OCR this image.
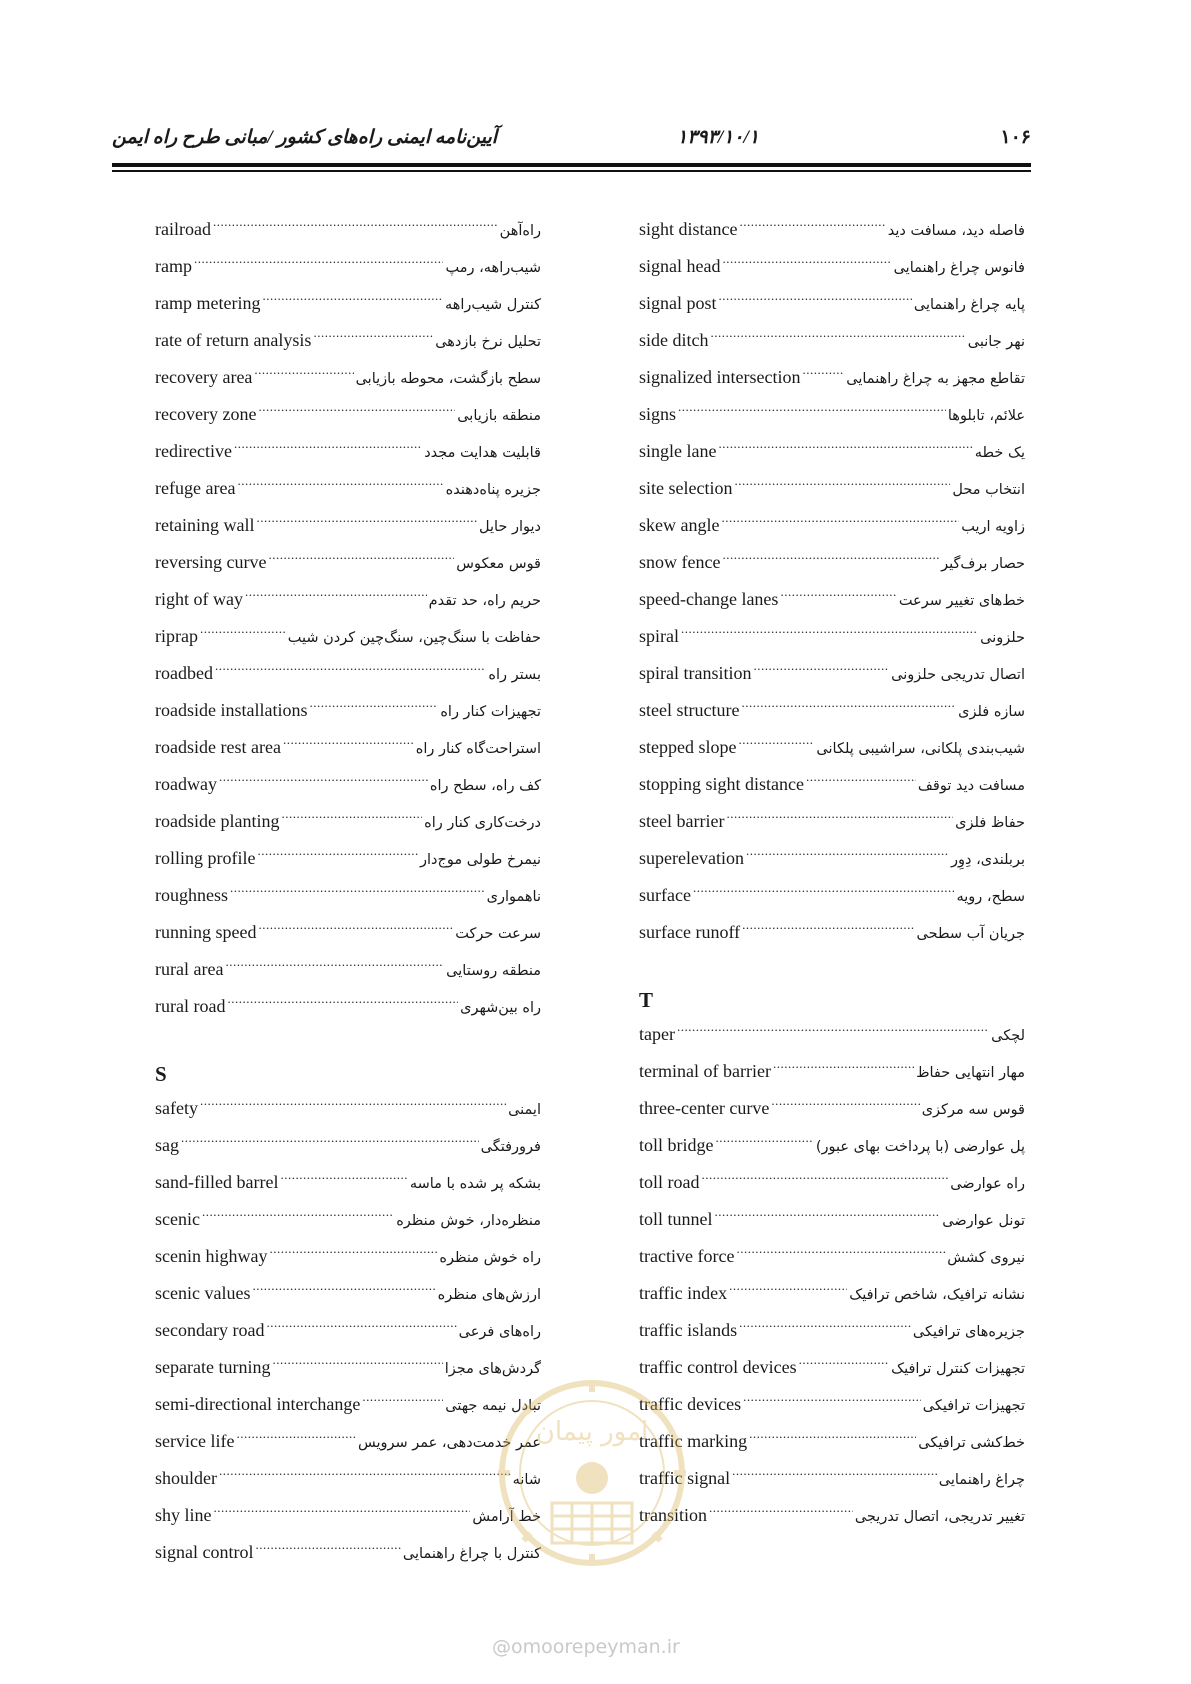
آیین‌نامه ایمنی راه‌های کشور /مبانی طرح راه ایمن	۱۳۹۳/۱۰/۱	۱۰۶
railroad .....	راه‌آهن
ramp .....	شیب‌راهه، رمپ
ramp metering .....	کنترل شیب‌راهه
rate of return analysis .....	تحلیل نرخ بازدهی
recovery area .....	سطح بازگشت، محوطه بازیابی
recovery zone .....	منطقه بازیابی
redirective .....	قابلیت هدایت مجدد
refuge area .....	جزیره پناه‌دهنده
retaining wall .....	دیوار حایل
reversing curve .....	قوس معکوس
right of way .....	حریم راه، حد تقدم
riprap .....	حفاظت با سنگ‌چین، سنگ‌چین کردن شیب
roadbed .....	بستر راه
roadside installations .....	تجهیزات کنار راه
roadside rest area .....	استراحت‌گاه کنار راه
roadway .....	کف راه، سطح راه
roadside planting .....	درخت‌کاری کنار راه
rolling profile .....	نیمرخ طولی موج‌دار
roughness .....	ناهمواری
running speed .....	سرعت حرکت
rural area .....	منطقه روستایی
rural road .....	راه بین‌شهری
S
safety .....	ایمنی
sag .....	فرورفتگی
sand-filled barrel .....	بشکه پر شده با ماسه
scenic .....	منظره‌دار، خوش منظره
scenin highway .....	راه خوش منظره
scenic values .....	ارزش‌های منظره
secondary road .....	راه‌های فرعی
separate turning .....	گردش‌های مجزا
semi-directional interchange .....	تبادل نیمه جهتی
service life .....	عمر خدمت‌دهی، عمر سرویس
shoulder .....	شانه
shy line .....	خط آرامش
signal control .....	کنترل با چراغ راهنمایی
sight distance .....	فاصله دید، مسافت دید
signal head .....	فانوس چراغ راهنمایی
signal post .....	پایه چراغ راهنمایی
side ditch .....	نهر جانبی
signalized intersection .....	تقاطع مجهز به چراغ راهنمایی
signs .....	علائم، تابلوها
single lane .....	یک خطه
site selection .....	انتخاب محل
skew angle .....	زاویه اریب
snow fence .....	حصار برف‌گیر
speed-change lanes .....	خط‌های تغییر سرعت
spiral .....	حلزونی
spiral transition .....	اتصال تدریجی حلزونی
steel structure .....	سازه فلزی
stepped slope .....	شیب‌بندی پلکانی، سراشیبی پلکانی
stopping sight distance .....	مسافت دید توقف
steel barrier .....	حفاظ فلزی
superelevation .....	بربلندی، دِوِر
surface .....	سطح، رویه
surface runoff .....	جریان آب سطحی
T
taper .....	لچکی
terminal of barrier .....	مهار انتهایی حفاظ
three-center curve .....	قوس سه مرکزی
toll bridge .....	پل عوارضی (با پرداخت بهای عبور)
toll road .....	راه عوارضی
toll tunnel .....	تونل عوارضی
tractive force .....	نیروی کشش
traffic index .....	نشانه ترافیک، شاخص ترافیک
traffic islands .....	جزیره‌های ترافیکی
traffic control devices .....	تجهیزات کنترل ترافیک
traffic devices .....	تجهیزات ترافیکی
traffic marking .....	خط‌کشی ترافیکی
traffic signal .....	چراغ راهنمایی
transition .....	تغییر تدریجی، اتصال تدریجی
امور پیمان
@omoorepeyman.ir
